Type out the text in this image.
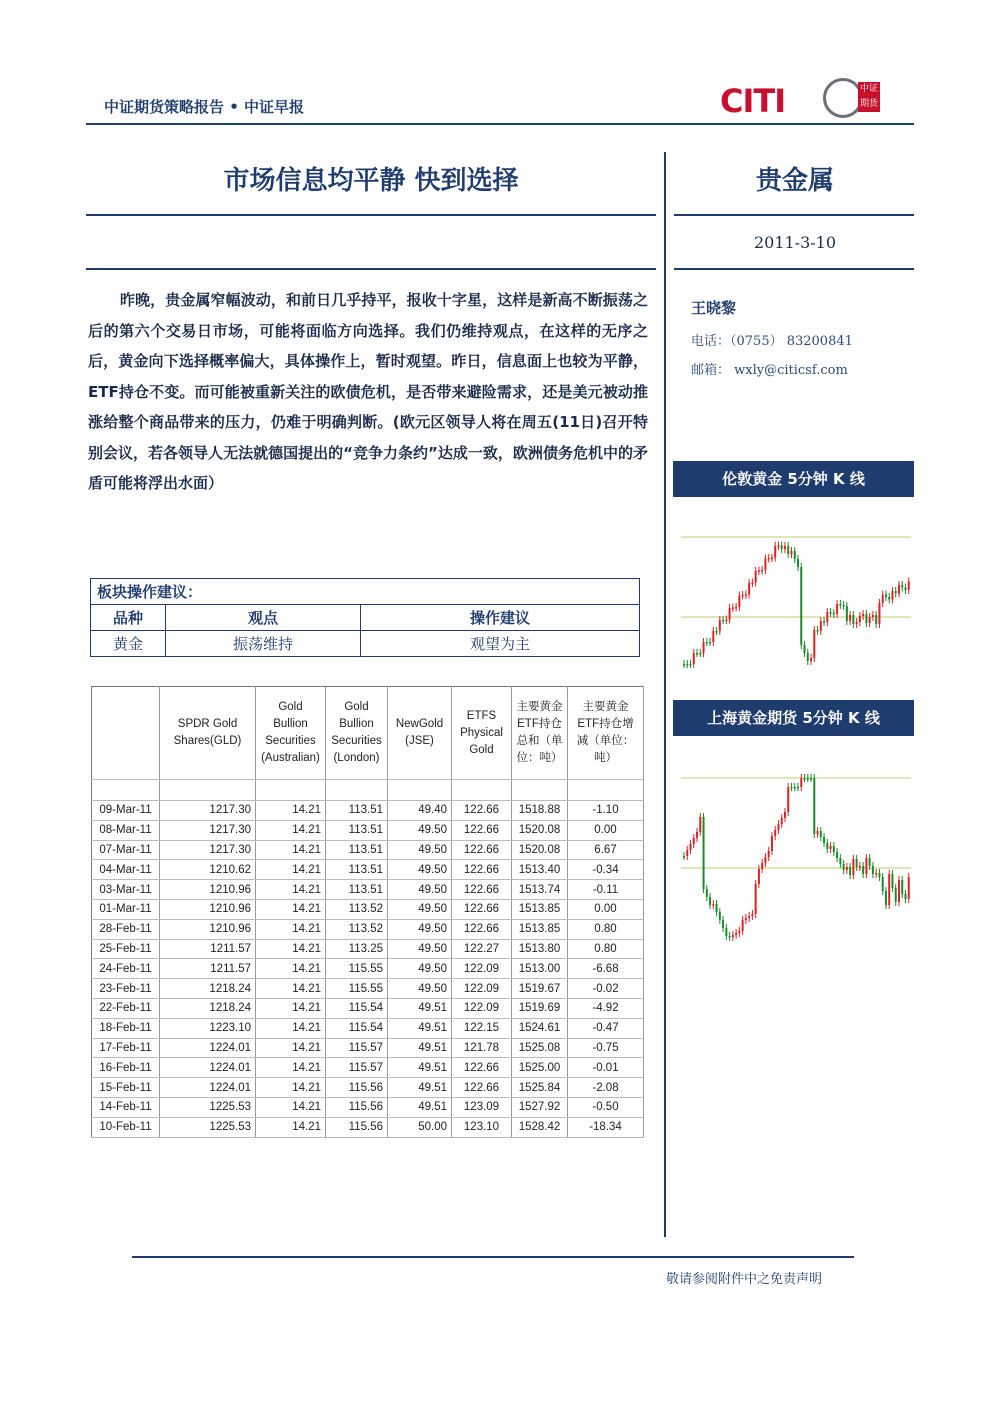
中证期货策略报告 • 中证早报	CITI	中证期货
市场信息均平静 快到选择	贵金属
2011-3-10
王晓黎
电话：（0755） 83200841
邮箱： wxly@citicsf.com
昨晚，贵金属窄幅波动，和前日几乎持平，报收十字星，这样是新高不断振荡之后的第六个交易日市场，可能将面临方向选择。我们仍维持观点，在这样的无序之后，黄金向下选择概率偏大，具体操作上，暂时观望。昨日，信息面上也较为平静，ETF持仓不变。而可能被重新关注的欧债危机，是否带来避险需求，还是美元被动推涨给整个商品带来的压力，仍难于明确判断。(欧元区领导人将在周五(11日)召开特别会议，若各领导人无法就德国提出的“竞争力条约”达成一致，欧洲债务危机中的矛盾可能将浮出水面）
板块操作建议：		
品种	观点	操作建议
黄金	振荡维持	观望为主
	SPDR Gold Shares(GLD)	Gold Bullion Securities (Australian)	Gold Bullion Securities (London)	NewGold (JSE)	ETFS Physical Gold	主要黄金ETF持仓总和（单位：吨）	主要黄金ETF持仓增减（单位：吨）

09-Mar-11	1217.30	14.21	113.51	49.40	122.66	1518.88	-1.10
08-Mar-11	1217.30	14.21	113.51	49.50	122.66	1520.08	0.00
07-Mar-11	1217.30	14.21	113.51	49.50	122.66	1520.08	6.67
04-Mar-11	1210.62	14.21	113.51	49.50	122.66	1513.40	-0.34
03-Mar-11	1210.96	14.21	113.51	49.50	122.66	1513.74	-0.11
01-Mar-11	1210.96	14.21	113.52	49.50	122.66	1513.85	0.00
28-Feb-11	1210.96	14.21	113.52	49.50	122.66	1513.85	0.80
25-Feb-11	1211.57	14.21	113.25	49.50	122.27	1513.80	0.80
24-Feb-11	1211.57	14.21	115.55	49.50	122.09	1513.00	-6.68
23-Feb-11	1218.24	14.21	115.55	49.50	122.09	1519.67	-0.02
22-Feb-11	1218.24	14.21	115.54	49.51	122.09	1519.69	-4.92
18-Feb-11	1223.10	14.21	115.54	49.51	122.15	1524.61	-0.47
17-Feb-11	1224.01	14.21	115.57	49.51	121.78	1525.08	-0.75
16-Feb-11	1224.01	14.21	115.57	49.51	122.66	1525.00	-0.01
15-Feb-11	1224.01	14.21	115.56	49.51	122.66	1525.84	-2.08
14-Feb-11	1225.53	14.21	115.56	49.51	123.09	1527.92	-0.50
10-Feb-11	1225.53	14.21	115.56	50.00	123.10	1528.42	-18.34
伦敦黄金 5分钟 K 线
上海黄金期货 5分钟 K 线
敬请参阅附件中之免责声明
